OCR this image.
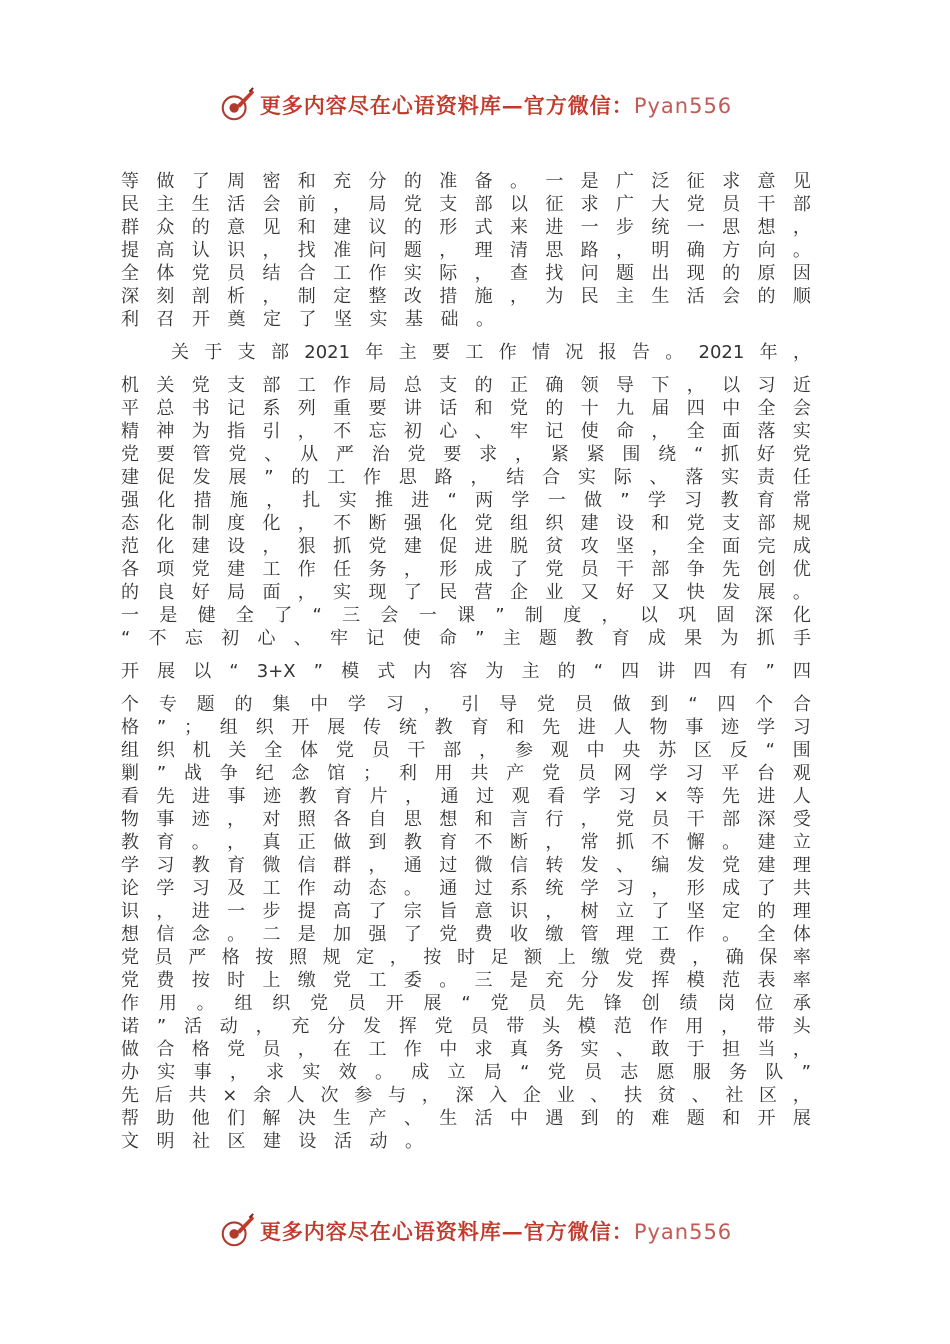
更多内容尽在心语资料库—官方微信：Pyan556
等 做 了 周 密 和 充 分 的 准 备 。 一 是 广 泛 征 求 意 见
民 主 生 活 会 前 ， 局 党 支 部 以 征 求 广 大 党 员 干 部
群 众 的 意 见 和 建 议 的 形 式 来 进 一 步 统 一 思 想 ，
提 高 认 识 ， 找 准 问 题 ， 理 清 思 路 ， 明 确 方 向 。
全 体 党 员 结 合 工 作 实 际 ， 查 找 问 题 出 现 的 原 因
深 刻 剖 析 ， 制 定 整 改 措 施 ， 为 民 主 生 活 会 的 顺
利 召 开 奠 定 了 坚 实 基 础 。
关 于 支 部 2021 年 主 要 工 作 情 况 报 告 。 2021 年 ，
机 关 党 支 部 工 作 局 总 支 的 正 确 领 导 下 ， 以 习 近
平 总 书 记 系 列 重 要 讲 话 和 党 的 十 九 届 四 中 全 会
精 神 为 指 引 ， 不 忘 初 心 、 牢 记 使 命 ， 全 面 落 实
党 要 管 党 、 从 严 治 党 要 求 ， 紧 紧 围 绕 “ 抓 好 党
建 促 发 展 ” 的 工 作 思 路 ， 结 合 实 际 、 落 实 责 任
强 化 措 施 ， 扎 实 推 进 “ 两 学 一 做 ” 学 习 教 育 常
态 化 制 度 化 ， 不 断 强 化 党 组 织 建 设 和 党 支 部 规
范 化 建 设 ， 狠 抓 党 建 促 进 脱 贫 攻 坚 ， 全 面 完 成
各 项 党 建 工 作 任 务 ， 形 成 了 党 员 干 部 争 先 创 优
的 良 好 局 面 ， 实 现 了 民 营 企 业 又 好 又 快 发 展 。
一 是 健 全 了 “ 三 会 一 课 ” 制 度 ， 以 巩 固 深 化
“ 不 忘 初 心 、 牢 记 使 命 ” 主 题 教 育 成 果 为 抓 手
开 展 以 “ 3+X ” 模 式 内 容 为 主 的 “ 四 讲 四 有 ” 四
个 专 题 的 集 中 学 习 ， 引 导 党 员 做 到 “ 四 个 合
格 ” ； 组 织 开 展 传 统 教 育 和 先 进 人 物 事 迹 学 习
组 织 机 关 全 体 党 员 干 部 ， 参 观 中 央 苏 区 反 “ 围
剿 ” 战 争 纪 念 馆 ； 利 用 共 产 党 员 网 学 习 平 台 观
看 先 进 事 迹 教 育 片 ， 通 过 观 看 学 习 × 等 先 进 人
物 事 迹 ， 对 照 各 自 思 想 和 言 行 ， 党 员 干 部 深 受
教 育 。 ， 真 正 做 到 教 育 不 断 ， 常 抓 不 懈 。 建 立
学 习 教 育 微 信 群 ， 通 过 微 信 转 发 、 编 发 党 建 理
论 学 习 及 工 作 动 态 。 通 过 系 统 学 习 ， 形 成 了 共
识 ， 进 一 步 提 高 了 宗 旨 意 识 ， 树 立 了 坚 定 的 理
想 信 念 。 二 是 加 强 了 党 费 收 缴 管 理 工 作 。 全 体
党 员 严 格 按 照 规 定 ， 按 时 足 额 上 缴 党 费 ， 确 保 率
党 费 按 时 上 缴 党 工 委 。 三 是 充 分 发 挥 模 范 表 率
作 用 。 组 织 党 员 开 展 “ 党 员 先 锋 创 绩 岗 位 承
诺 ” 活 动 ， 充 分 发 挥 党 员 带 头 模 范 作 用 ， 带 头
做 合 格 党 员 ， 在 工 作 中 求 真 务 实 、 敢 于 担 当 ，
办 实 事 ， 求 实 效 。 成 立 局 “ 党 员 志 愿 服 务 队 ”
先 后 共 × 余 人 次 参 与 ， 深 入 企 业 、 扶 贫 、 社 区 ，
帮 助 他 们 解 决 生 产 、 生 活 中 遇 到 的 难 题 和 开 展
文 明 社 区 建 设 活 动 。
更多内容尽在心语资料库—官方微信：Pyan556
